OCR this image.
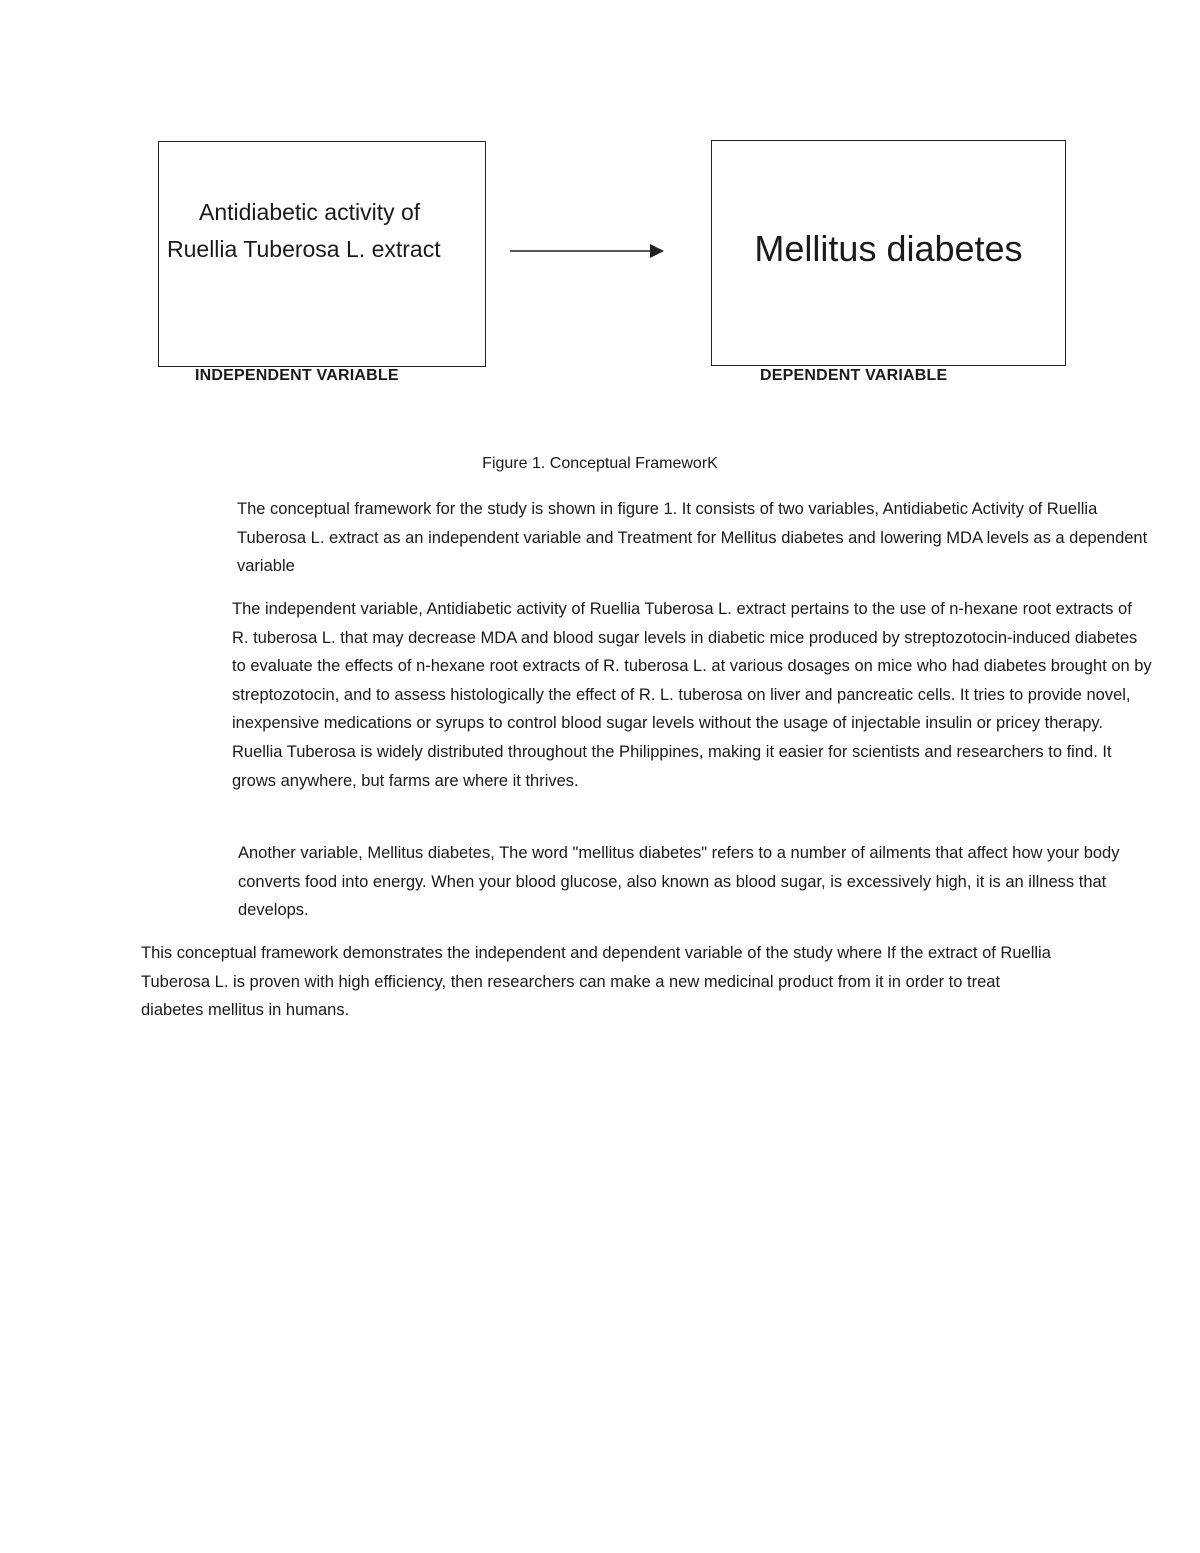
Antidiabetic activity of
Ruellia Tuberosa L. extract	Mellitus diabetes
INDEPENDENT VARIABLE	DEPENDENT VARIABLE
Figure 1. Conceptual FrameworK

The conceptual framework for the study is shown in figure 1. It consists of two variables, Antidiabetic Activity of Ruellia Tuberosa L. extract as an independent variable and Treatment for Mellitus diabetes and lowering MDA levels as a dependent variable

The independent variable, Antidiabetic activity of Ruellia Tuberosa L. extract pertains to the use of n-hexane root extracts of R. tuberosa L. that may decrease MDA and blood sugar levels in diabetic mice produced by streptozotocin-induced diabetes to evaluate the effects of n-hexane root extracts of R. tuberosa L. at various dosages on mice who had diabetes brought on by streptozotocin, and to assess histologically the effect of R. L. tuberosa on liver and pancreatic cells. It tries to provide novel, inexpensive medications or syrups to control blood sugar levels without the usage of injectable insulin or pricey therapy. Ruellia Tuberosa is widely distributed throughout the Philippines, making it easier for scientists and researchers to find. It grows anywhere, but farms are where it thrives.

Another variable, Mellitus diabetes, The word "mellitus diabetes" refers to a number of ailments that affect how your body converts food into energy. When your blood glucose, also known as blood sugar, is excessively high, it is an illness that develops.

This conceptual framework demonstrates the independent and dependent variable of the study where If the extract of Ruellia Tuberosa L. is proven with high efficiency, then researchers can make a new medicinal product from it in order to treat diabetes mellitus in humans.
